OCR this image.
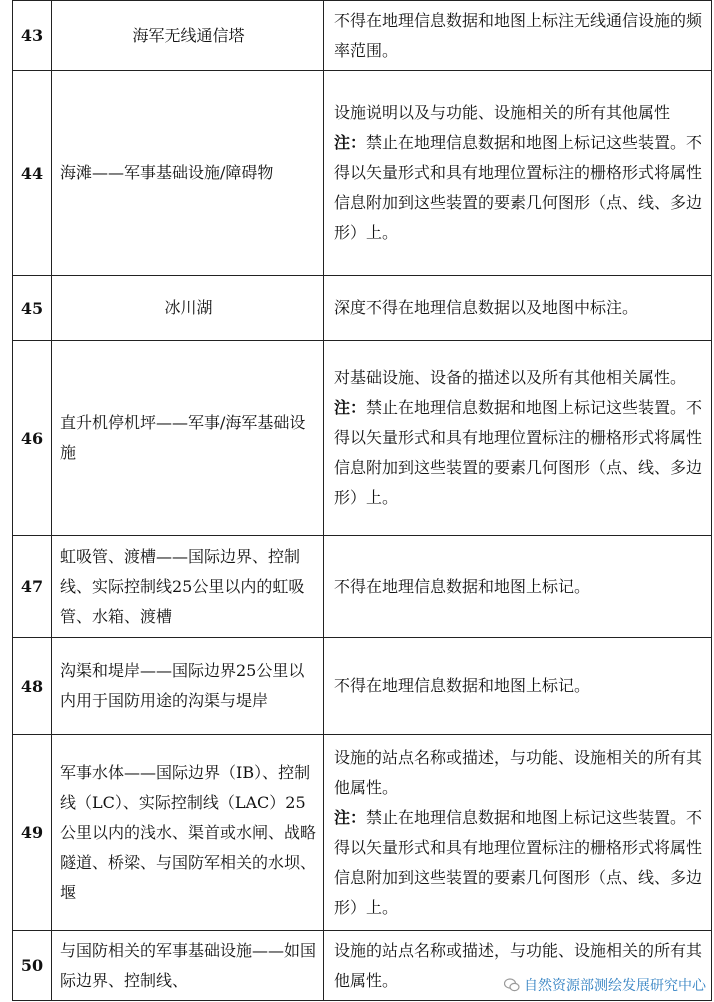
43	海军无线通信塔	不得在地理信息数据和地图上标注无线通信设施的频率范围。

44	海滩——军事基础设施/障碍物	设施说明以及与功能、设施相关的所有其他属性
注：禁止在地理信息数据和地图上标记这些装置。不得以矢量形式和具有地理位置标注的栅格形式将属性信息附加到这些装置的要素几何图形（点、线、多边形）上。
45	冰川湖	深度不得在地理信息数据以及地图中标注。

46	直升机停机坪——军事/海军基础设施	对基础设施、设备的描述以及所有其他相关属性。
注：禁止在地理信息数据和地图上标记这些装置。不得以矢量形式和具有地理位置标注的栅格形式将属性信息附加到这些装置的要素几何图形（点、线、多边形）上。
47	虹吸管、渡槽——国际边界、控制线、实际控制线25公里以内的虹吸管、水箱、渡槽	不得在地理信息数据和地图上标记。

48	沟渠和堤岸——国际边界25公里以内用于国防用途的沟渠与堤岸	不得在地理信息数据和地图上标记。

49	军事水体——国际边界（IB）、控制线（LC）、实际控制线（LAC）25公里以内的浅水、渠首或水闸、战略隧道、桥梁、与国防军相关的水坝、堰	设施的站点名称或描述，与功能、设施相关的所有其他属性。
注：禁止在地理信息数据和地图上标记这些装置。不得以矢量形式和具有地理位置标注的栅格形式将属性信息附加到这些装置的要素几何图形（点、线、多边形）上。
50	与国防相关的军事基础设施——如国际边界、控制线、	设施的站点名称或描述，与功能、设施相关的所有其他属性。	自然资源部测绘发展研究中心
